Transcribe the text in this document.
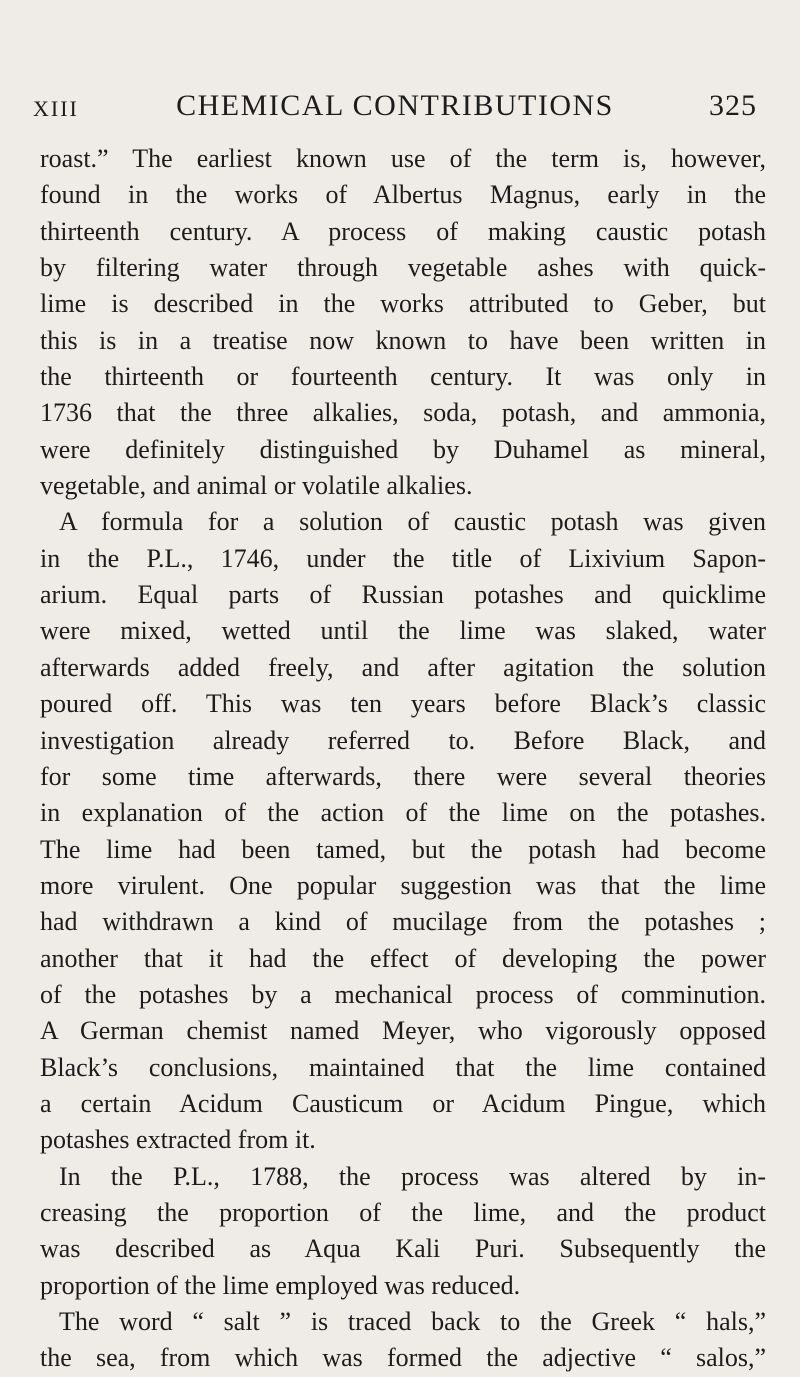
XIII	CHEMICAL CONTRIBUTIONS	325
roast.” The earliest known use of the term is, however,
found in the works of Albertus Magnus, early in the
thirteenth century. A process of making caustic potash
by filtering water through vegetable ashes with quick-
lime is described in the works attributed to Geber, but
this is in a treatise now known to have been written in
the thirteenth or fourteenth century. It was only in
1736 that the three alkalies, soda, potash, and ammonia,
were definitely distinguished by Duhamel as mineral,
vegetable, and animal or volatile alkalies.
A formula for a solution of caustic potash was given
in the P.L., 1746, under the title of Lixivium Sapon-
arium. Equal parts of Russian potashes and quicklime
were mixed, wetted until the lime was slaked, water
afterwards added freely, and after agitation the solution
poured off. This was ten years before Black’s classic
investigation already referred to. Before Black, and
for some time afterwards, there were several theories
in explanation of the action of the lime on the potashes.
The lime had been tamed, but the potash had become
more virulent. One popular suggestion was that the lime
had withdrawn a kind of mucilage from the potashes ;
another that it had the effect of developing the power
of the potashes by a mechanical process of comminution.
A German chemist named Meyer, who vigorously opposed
Black’s conclusions, maintained that the lime contained
a certain Acidum Causticum or Acidum Pingue, which
potashes extracted from it.
In the P.L., 1788, the process was altered by in-
creasing the proportion of the lime, and the product
was described as Aqua Kali Puri. Subsequently the
proportion of the lime employed was reduced.
The word “ salt ” is traced back to the Greek “ hals,”
the sea, from which was formed the adjective “ salos,”
